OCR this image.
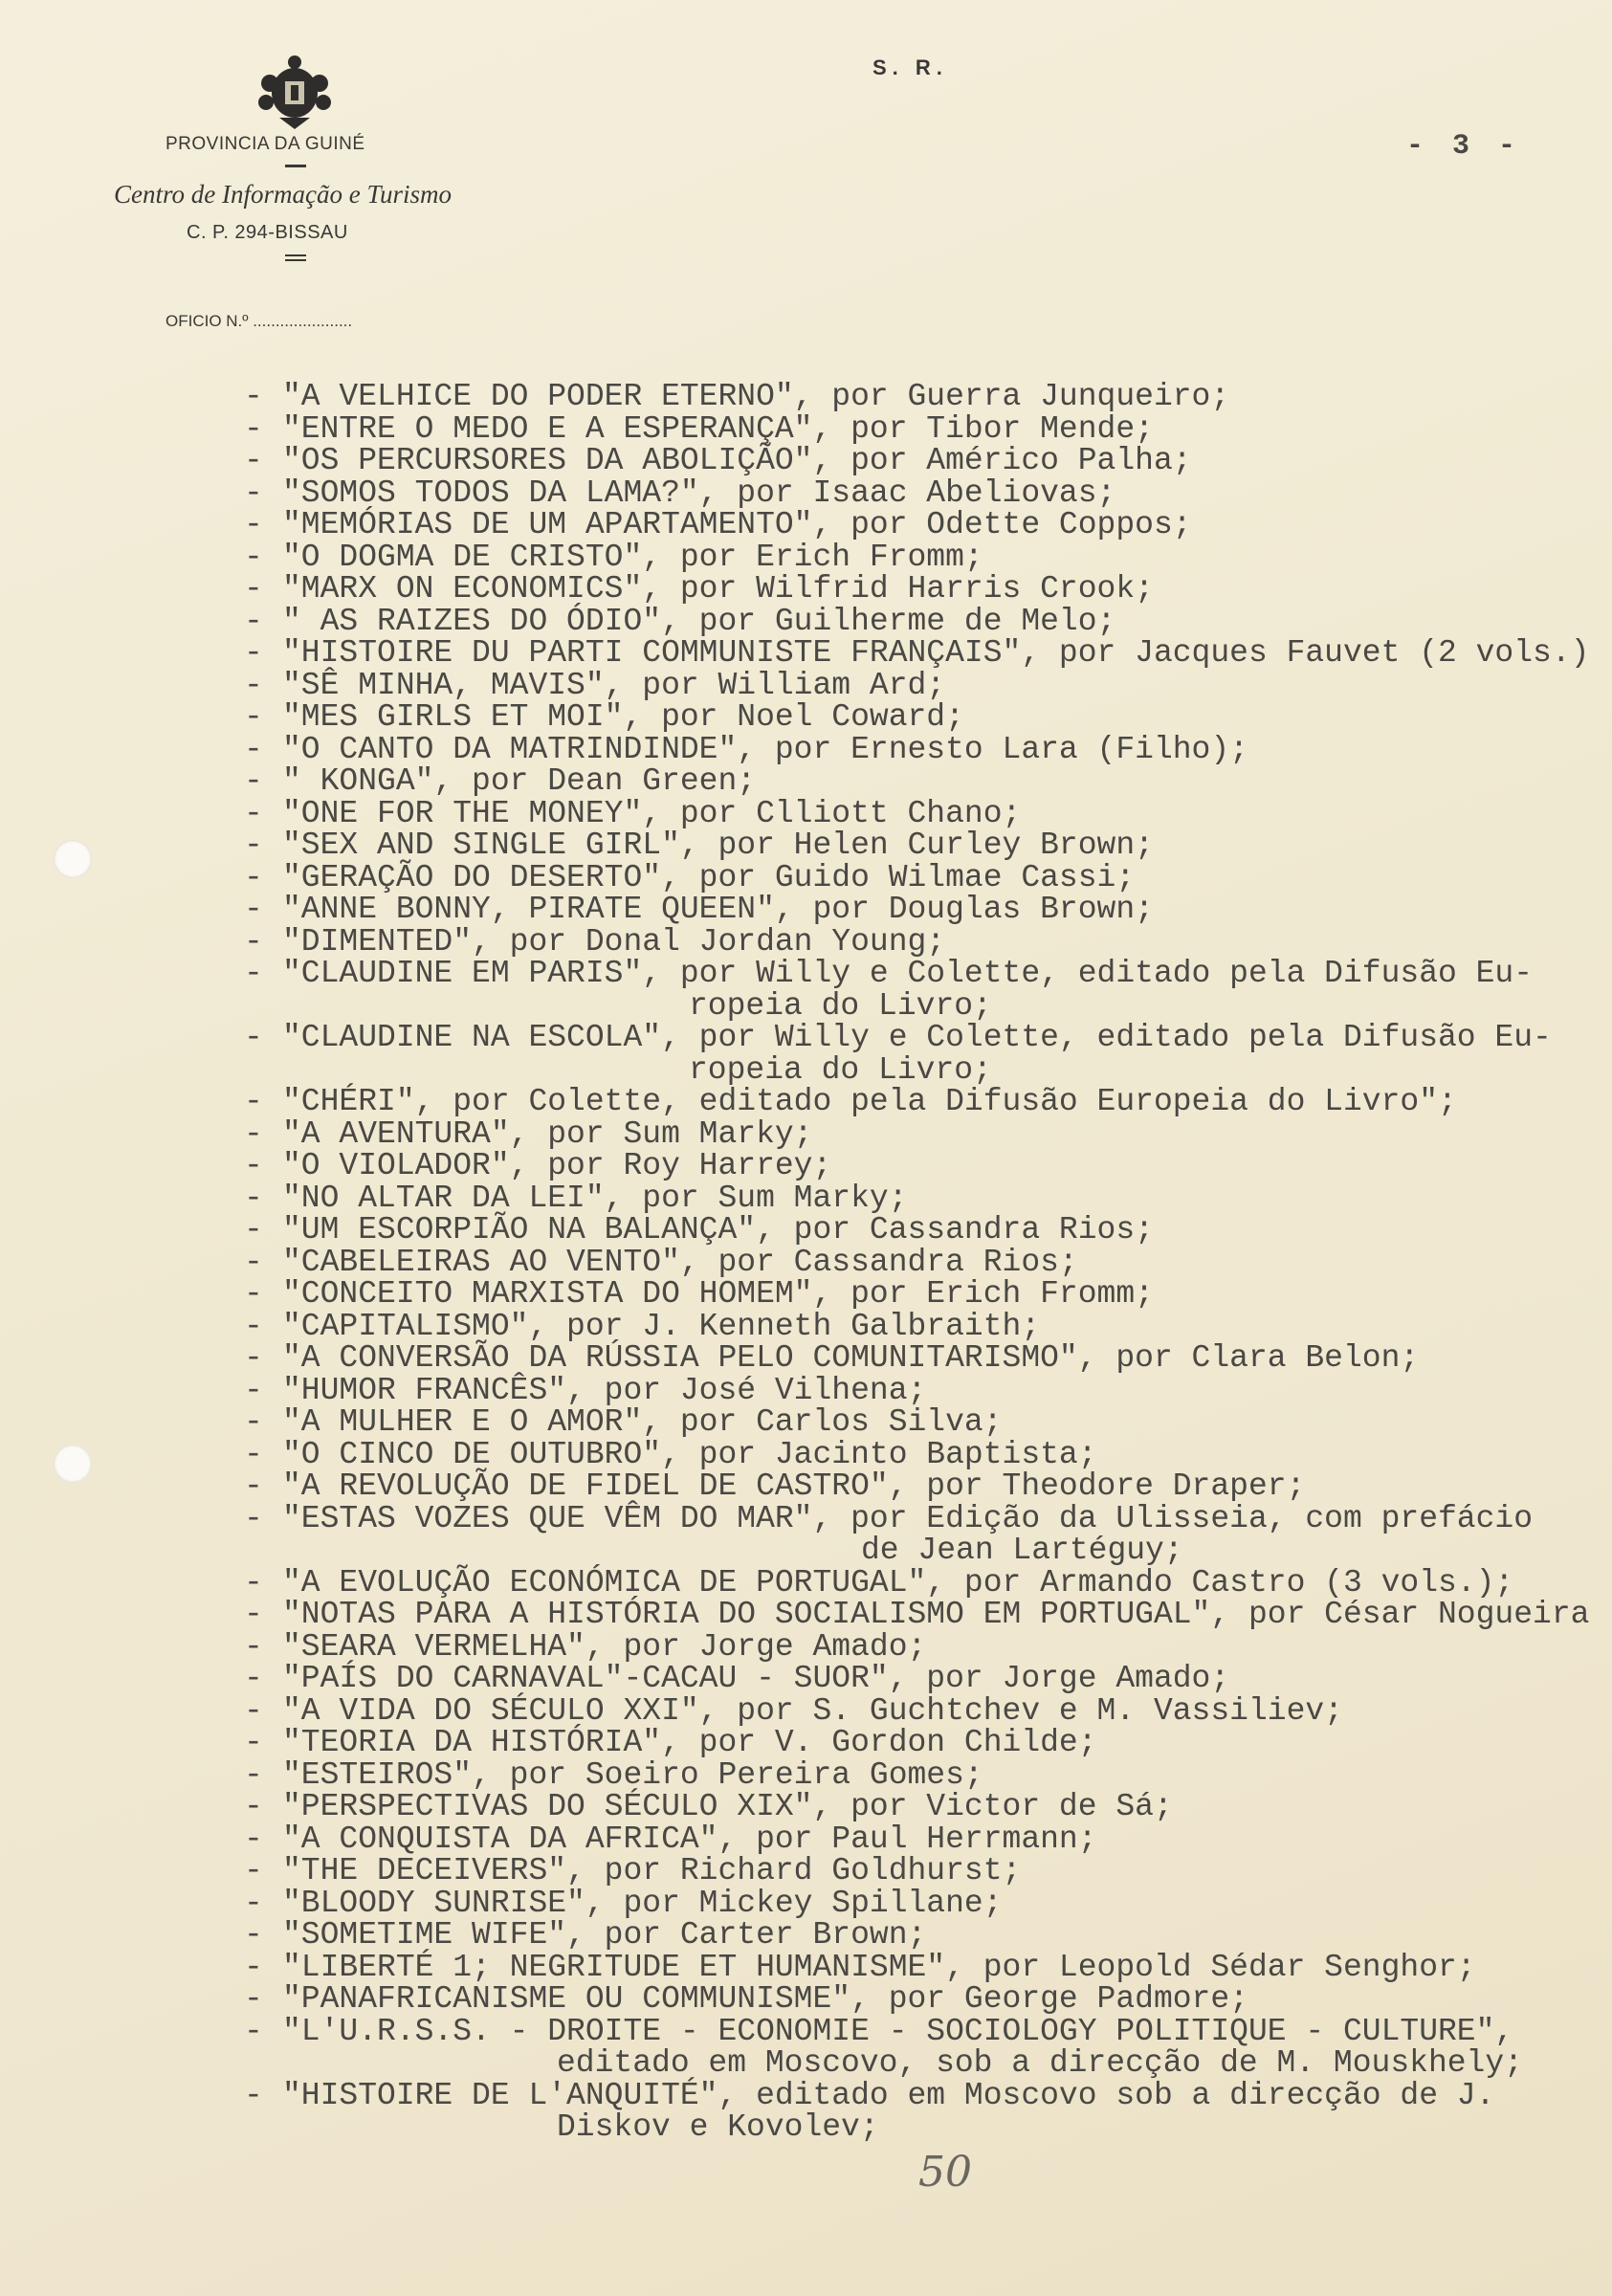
PROVINCIA DA GUINÉ
Centro de Informação e Turismo
C. P. 294-BISSAU
OFICIO N.º ......................
S. R.
- 3 -
- "A VELHICE DO PODER ETERNO", por Guerra Junqueiro;
- "ENTRE O MEDO E A ESPERANÇA", por Tibor Mende;
- "OS PERCURSORES DA ABOLIÇÃO", por Américo Palha;
- "SOMOS TODOS DA LAMA?", por Isaac Abeliovas;
- "MEMÓRIAS DE UM APARTAMENTO", por Odette Coppos;
- "O DOGMA DE CRISTO", por Erich Fromm;
- "MARX ON ECONOMICS", por Wilfrid Harris Crook;
- " AS RAIZES DO ÓDIO", por Guilherme de Melo;
- "HISTOIRE DU PARTI COMMUNISTE FRANÇAIS", por Jacques Fauvet (2 vols.)
- "SÊ MINHA, MAVIS", por William Ard;
- "MES GIRLS ET MOI", por Noel Coward;
- "O CANTO DA MATRINDINDE", por Ernesto Lara (Filho);
- " KONGA", por Dean Green;
- "ONE FOR THE MONEY", por Clliott Chano;
- "SEX AND SINGLE GIRL", por Helen Curley Brown;
- "GERAÇÃO DO DESERTO", por Guido Wilmae Cassi;
- "ANNE BONNY, PIRATE QUEEN", por Douglas Brown;
- "DIMENTED", por Donal Jordan Young;
- "CLAUDINE EM PARIS", por Willy e Colette, editado pela Difusão Eu-
ropeia do Livro;
- "CLAUDINE NA ESCOLA", por Willy e Colette, editado pela Difusão Eu-
ropeia do Livro;
- "CHÉRI", por Colette, editado pela Difusão Europeia do Livro";
- "A AVENTURA", por Sum Marky;
- "O VIOLADOR", por Roy Harrey;
- "NO ALTAR DA LEI", por Sum Marky;
- "UM ESCORPIÃO NA BALANÇA", por Cassandra Rios;
- "CABELEIRAS AO VENTO", por Cassandra Rios;
- "CONCEITO MARXISTA DO HOMEM", por Erich Fromm;
- "CAPITALISMO", por J. Kenneth Galbraith;
- "A CONVERSÃO DA RÚSSIA PELO COMUNITARISMO", por Clara Belon;
- "HUMOR FRANCÊS", por José Vilhena;
- "A MULHER E O AMOR", por Carlos Silva;
- "O CINCO DE OUTUBRO", por Jacinto Baptista;
- "A REVOLUÇÃO DE FIDEL DE CASTRO", por Theodore Draper;
- "ESTAS VOZES QUE VÊM DO MAR", por Edição da Ulisseia, com prefácio
de Jean Lartéguy;
- "A EVOLUÇÃO ECONÓMICA DE PORTUGAL", por Armando Castro (3 vols.);
- "NOTAS PARA A HISTÓRIA DO SOCIALISMO EM PORTUGAL", por César Nogueira
- "SEARA VERMELHA", por Jorge Amado;
- "PAÍS DO CARNAVAL"-CACAU - SUOR", por Jorge Amado;
- "A VIDA DO SÉCULO XXI", por S. Guchtchev e M. Vassiliev;
- "TEORIA DA HISTÓRIA", por V. Gordon Childe;
- "ESTEIROS", por Soeiro Pereira Gomes;
- "PERSPECTIVAS DO SÉCULO XIX", por Victor de Sá;
- "A CONQUISTA DA AFRICA", por Paul Herrmann;
- "THE DECEIVERS", por Richard Goldhurst;
- "BLOODY SUNRISE", por Mickey Spillane;
- "SOMETIME WIFE", por Carter Brown;
- "LIBERTÉ 1; NEGRITUDE ET HUMANISME", por Leopold Sédar Senghor;
- "PANAFRICANISME OU COMMUNISME", por George Padmore;
- "L'U.R.S.S. - DROITE - ECONOMIE - SOCIOLOGY POLITIQUE - CULTURE",
editado em Moscovo, sob a direcção de M. Mouskhely;
- "HISTOIRE DE L'ANQUITÉ", editado em Moscovo sob a direcção de J.
Diskov e Kovolev;
50
